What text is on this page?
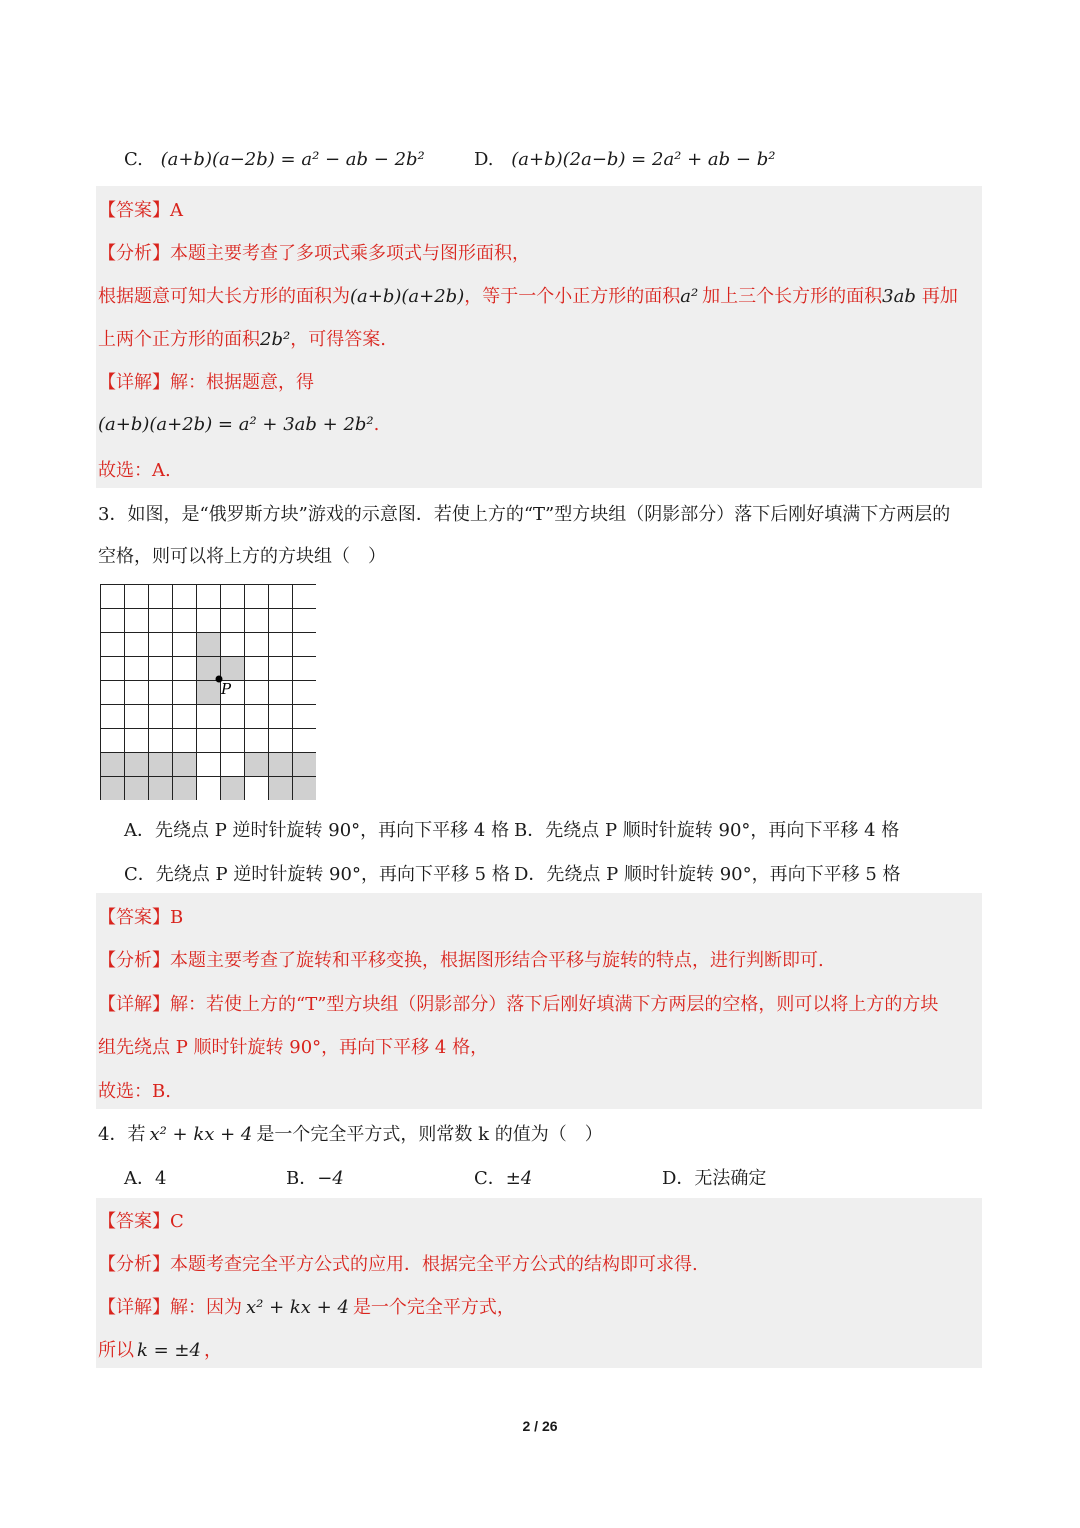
C. (a+b)(a−2b) = a² − ab − 2b²	D. (a+b)(2a−b) = 2a² + ab − b²
【答案】A
【分析】本题主要考查了多项式乘多项式与图形面积，
根据题意可知大长方形的面积为(a+b)(a+2b)，等于一个小正方形的面积a² 加上三个长方形的面积3ab 再加
上两个正方形的面积2b²，可得答案.
【详解】解：根据题意，得
(a+b)(a+2b) = a² + 3ab + 2b².
故选：A.
3．如图，是“俄罗斯方块”游戏的示意图．若使上方的“T”型方块组（阴影部分）落下后刚好填满下方两层的
空格，则可以将上方的方块组（　）
P
A．先绕点 P 逆时针旋转 90°，再向下平移 4 格 B．先绕点 P 顺时针旋转 90°，再向下平移 4 格
C．先绕点 P 逆时针旋转 90°，再向下平移 5 格 D．先绕点 P 顺时针旋转 90°，再向下平移 5 格
【答案】B
【分析】本题主要考查了旋转和平移变换，根据图形结合平移与旋转的特点，进行判断即可.
【详解】解：若使上方的“T”型方块组（阴影部分）落下后刚好填满下方两层的空格，则可以将上方的方块
组先绕点 P 顺时针旋转 90°，再向下平移 4 格，
故选：B.
4．若 x² + kx + 4 是一个完全平方式，则常数 k 的值为（　）
A．4	B．−4	C．±4	D．无法确定
【答案】C
【分析】本题考查完全平方公式的应用．根据完全平方公式的结构即可求得.
【详解】解：因为 x² + kx + 4 是一个完全平方式，
所以 k = ±4 ，
2 / 26
